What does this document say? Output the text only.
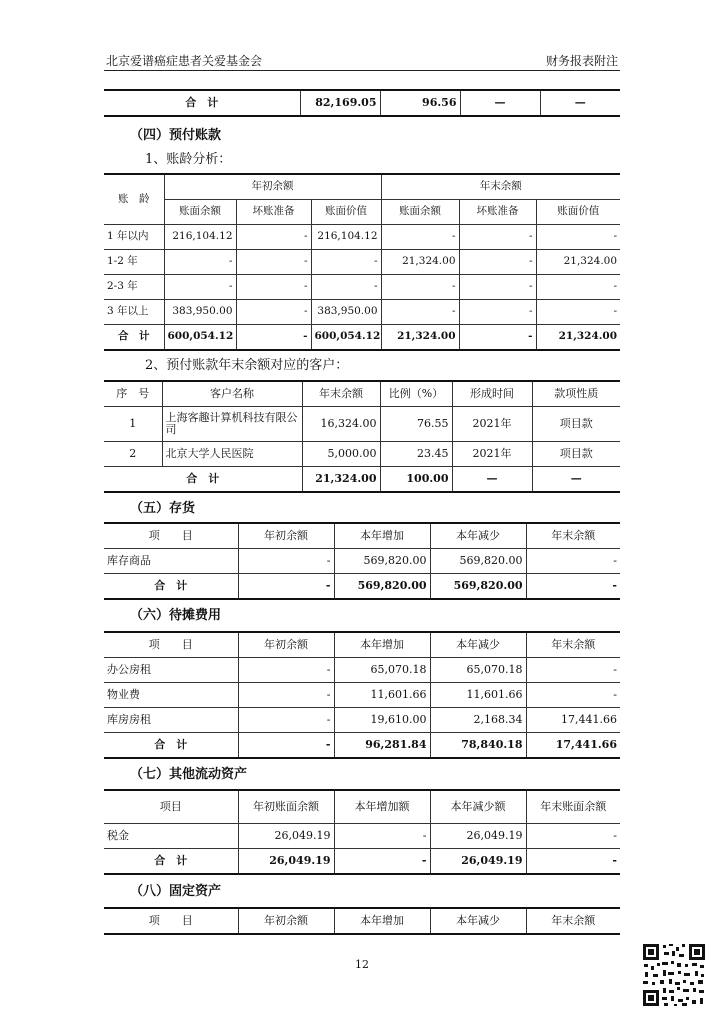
北京爱谱癌症患者关爱基金会	财务报表附注
合　计	82,169.05	96.56	—	—
（四）预付账款
1、账龄分析：
账　龄	年初余额			年末余额		
	账面余额	坏账准备	账面价值	账面余额	坏账准备	账面价值
1 年以内	216,104.12	-	216,104.12	-	-	-
1-2 年	-	-	-	21,324.00	-	21,324.00
2-3 年	-	-	-	-	-	-
3 年以上	383,950.00	-	383,950.00	-	-	-
合　计	600,054.12	-	600,054.12	21,324.00	-	21,324.00
2、预付账款年末余额对应的客户：
序　号	客户名称	年末余额	比例（%）	形成时间	款项性质
1	上海客趣计算机科技有限公司	16,324.00	76.55	2021年	项目款
2	北京大学人民医院	5,000.00	23.45	2021年	项目款
合　计		21,324.00	100.00	—	—
（五）存货
项　　目	年初余额	本年增加	本年减少	年末余额
库存商品	-	569,820.00	569,820.00	-
合　计	-	569,820.00	569,820.00	-
（六）待摊费用
项　　目	年初余额	本年增加	本年减少	年末余额
办公房租	-	65,070.18	65,070.18	-
物业费	-	11,601.66	11,601.66	-
库房房租	-	19,610.00	2,168.34	17,441.66
合　计	-	96,281.84	78,840.18	17,441.66
（七）其他流动资产
项目	年初账面余额	本年增加额	本年减少额	年末账面余额
税金	26,049.19	-	26,049.19	-
合　计	26,049.19	-	26,049.19	-
（八）固定资产
项　　目	年初余额	本年增加	本年减少	年末余额
12
